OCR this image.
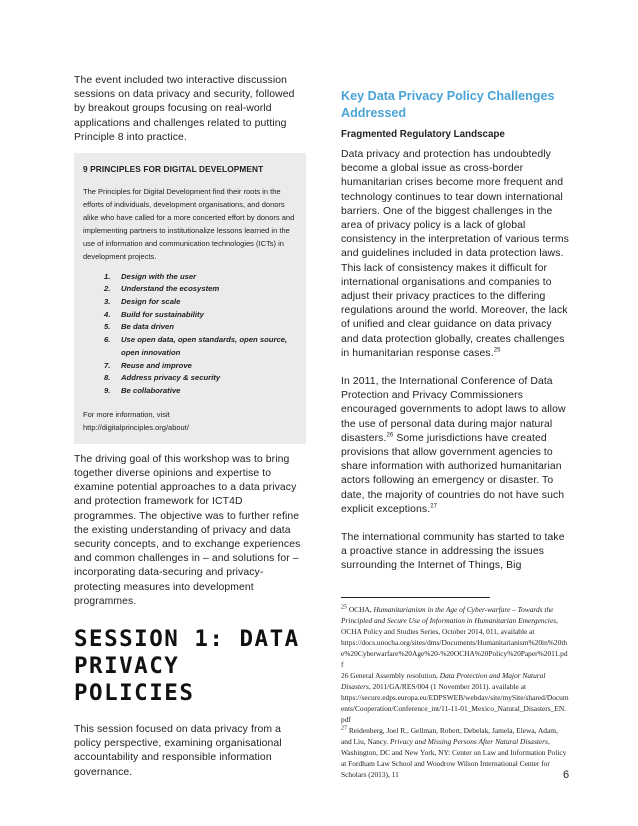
The event included two interactive discussion sessions on data privacy and security, followed by breakout groups focusing on real-world applications and challenges related to putting Principle 8 into practice.

9 PRINCIPLES FOR DIGITAL DEVELOPMENT

The Principles for Digital Development find their roots in the efforts of individuals, development organisations, and donors alike who have called for a more concerted effort by donors and implementing partners to institutionalize lessons learned in the use of information and communication technologies (ICTs) in development projects.

1. Design with the user
2. Understand the ecosystem
3. Design for scale
4. Build for sustainability
5. Be data driven
6. Use open data, open standards, open source, open innovation
7. Reuse and improve
8. Address privacy & security
9. Be collaborative

For more information, visit
http://digitalprinciples.org/about/

The driving goal of this workshop was to bring together diverse opinions and expertise to examine potential approaches to a data privacy and protection framework for ICT4D programmes. The objective was to further refine the existing understanding of privacy and data security concepts, and to exchange experiences and common challenges in – and solutions for – incorporating data-securing and privacy-protecting measures into development programmes.

SESSION 1: DATA PRIVACY POLICIES

This session focused on data privacy from a policy perspective, examining organisational accountability and responsible information governance.

Key Data Privacy Policy Challenges Addressed

Fragmented Regulatory Landscape

Data privacy and protection has undoubtedly become a global issue as cross-border humanitarian crises become more frequent and technology continues to tear down international barriers. One of the biggest challenges in the area of privacy policy is a lack of global consistency in the interpretation of various terms and guidelines included in data protection laws. This lack of consistency makes it difficult for international organisations and companies to adjust their privacy practices to the differing regulations around the world. Moreover, the lack of unified and clear guidance on data privacy and data protection globally, creates challenges in humanitarian response cases.$^{25}$

In 2011, the International Conference of Data Protection and Privacy Commissioners encouraged governments to adopt laws to allow the use of personal data during major natural disasters.$^{26}$ Some jurisdictions have created provisions that allow government agencies to share information with authorized humanitarian actors following an emergency or disaster. To date, the majority of countries do not have such explicit exceptions.$^{27}$

The international community has started to take a proactive stance in addressing the issues surrounding the Internet of Things, Big

$^{25}$ OCHA, Humanitarianism in the Age of Cyber-warfare – Towards the Principled and Secure Use of Information in Humanitarian Emergencies, OCHA Policy and Studies Series, October 2014, 011, available at
https://docs.unocha.org/sites/dms/Documents/Humanitarianism%20in%20the%20Cyberwarfare%20Age%20-%20OCHA%20Policy%20Paper%2011.pdf

26 General Assembly resolution, Data Protection and Major Natural Disasters, 2011/GA/RES/004 (1 November 2011). available at
https://secure.edps.europa.eu/EDPSWEB/webdav/site/mySite/shared/Documents/Cooperation/Conference_int/11-11-01_Mexico_Natural_Disasters_EN.pdf

$^{27}$ Reidenberg, Joel R., Gellman, Robert, Debelak, Jamela, Elewa, Adam, and Liu, Nancy. Privacy and Missing Persons After Natural Disasters, Washington, DC and New York, NY: Center on Law and Information Policy at Fordham Law School and Woodrow Wilson International Center for Scholars (2013), 11	6
